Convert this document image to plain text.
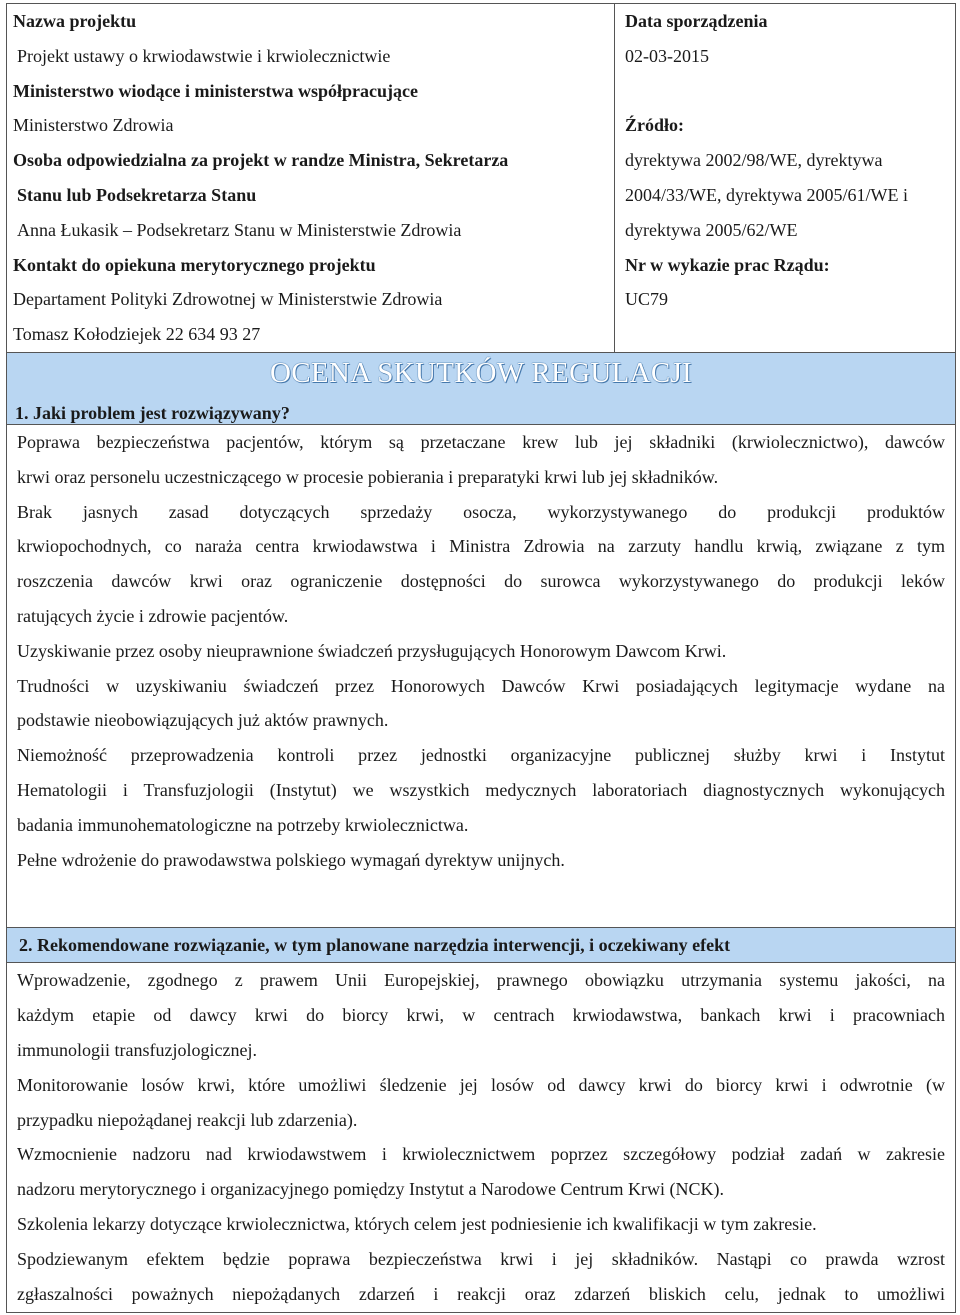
Nazwa projektu
Projekt ustawy o krwiodawstwie i krwiolecznictwie
Ministerstwo wiodące i ministerstwa współpracujące
Ministerstwo Zdrowia
Osoba odpowiedzialna za projekt w randze Ministra, Sekretarza
Stanu lub Podsekretarza Stanu
Anna Łukasik – Podsekretarz Stanu w Ministerstwie Zdrowia
Kontakt do opiekuna merytorycznego projektu
Departament Polityki Zdrowotnej w Ministerstwie Zdrowia
Tomasz Kołodziejek 22 634 93 27
Data sporządzenia
02-03-2015
Źródło:
dyrektywa 2002/98/WE, dyrektywa
2004/33/WE, dyrektywa 2005/61/WE i
dyrektywa 2005/62/WE
Nr w wykazie prac Rządu:
UC79
OCENA SKUTKÓW REGULACJI
1. Jaki problem jest rozwiązywany?
Poprawa bezpieczeństwa pacjentów, którym są przetaczane krew lub jej składniki (krwiolecznictwo), dawców
krwi oraz personelu uczestniczącego w procesie pobierania i preparatyki krwi lub jej składników.
Brak jasnych zasad dotyczących sprzedaży osocza, wykorzystywanego do produkcji produktów
krwiopochodnych, co naraża centra krwiodawstwa i Ministra Zdrowia na zarzuty handlu krwią, związane z tym
roszczenia dawców krwi oraz ograniczenie dostępności do surowca wykorzystywanego do produkcji leków
ratujących życie i zdrowie pacjentów.
Uzyskiwanie przez osoby nieuprawnione świadczeń przysługujących Honorowym Dawcom Krwi.
Trudności w uzyskiwaniu świadczeń przez Honorowych Dawców Krwi posiadających legitymacje wydane na
podstawie nieobowiązujących już aktów prawnych.
Niemożność przeprowadzenia kontroli przez jednostki organizacyjne publicznej służby krwi i Instytut
Hematologii i Transfuzjologii (Instytut) we wszystkich medycznych laboratoriach diagnostycznych wykonujących
badania immunohematologiczne na potrzeby krwiolecznictwa.
Pełne wdrożenie do prawodawstwa polskiego wymagań dyrektyw unijnych.
2. Rekomendowane rozwiązanie, w tym planowane narzędzia interwencji, i oczekiwany efekt
Wprowadzenie, zgodnego z prawem Unii Europejskiej, prawnego obowiązku utrzymania systemu jakości, na
każdym etapie od dawcy krwi do biorcy krwi, w centrach krwiodawstwa, bankach krwi i pracowniach
immunologii transfuzjologicznej.
Monitorowanie losów krwi, które umożliwi śledzenie jej losów od dawcy krwi do biorcy krwi i odwrotnie (w
przypadku niepożądanej reakcji lub zdarzenia).
Wzmocnienie nadzoru nad krwiodawstwem i krwiolecznictwem poprzez szczegółowy podział zadań w zakresie
nadzoru merytorycznego i organizacyjnego pomiędzy Instytut a Narodowe Centrum Krwi (NCK).
Szkolenia lekarzy dotyczące krwiolecznictwa, których celem jest podniesienie ich kwalifikacji w tym zakresie.
Spodziewanym efektem będzie poprawa bezpieczeństwa krwi i jej składników. Nastąpi co prawda wzrost
zgłaszalności poważnych niepożądanych zdarzeń i reakcji oraz zdarzeń bliskich celu, jednak to umożliwi
